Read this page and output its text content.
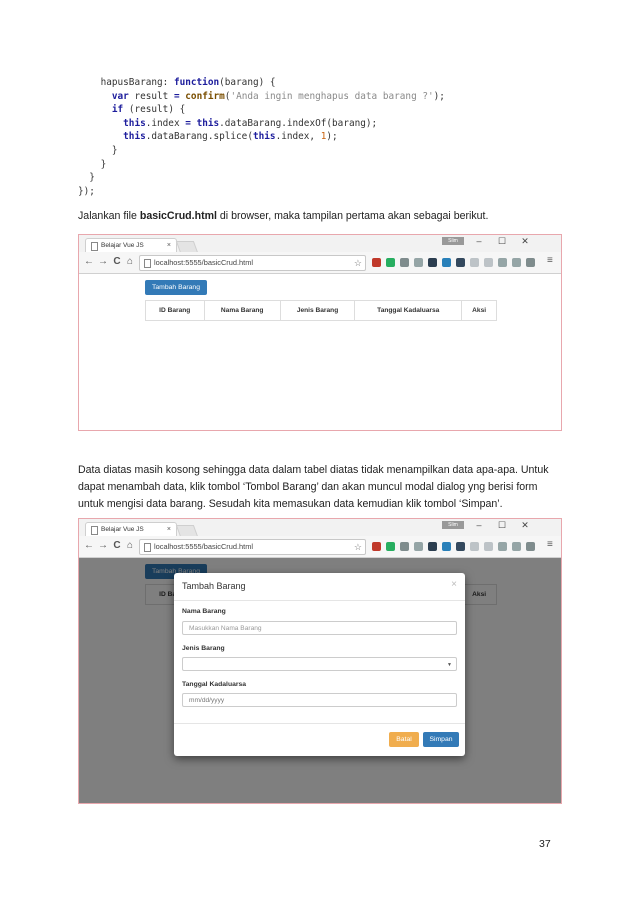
hapusBarang: function(barang) {
var result = confirm('Anda ingin menghapus data barang ?');
if (result) {
this.index = this.dataBarang.indexOf(barang);
this.dataBarang.splice(this.index, 1);
}
}
}
});
Jalankan file basicCrud.html di browser, maka tampilan pertama akan sebagai berikut.
Belajar Vue JS	×
Slim	–	☐	✕
← → C ⌂	localhost:5555/basicCrud.html	☆	≡
Tambah Barang
ID Barang	Nama Barang	Jenis Barang	Tanggal Kadaluarsa	Aksi
Data diatas masih kosong sehingga data dalam tabel diatas tidak menampilkan data apa-apa. Untuk
dapat menambah data, klik tombol ‘Tombol Barang’ dan akan muncul modal dialog yng berisi form
untuk mengisi data barang. Sesudah kita memasukan data kemudian klik tombol ‘Simpan’.
Belajar Vue JS	×
Slim	–	☐	✕
← → C ⌂	localhost:5555/basicCrud.html	☆	≡
Tambah Barang	×
Nama Barang
Masukkan Nama Barang
Jenis Barang
▼
Tanggal Kadaluarsa
mm/dd/yyyy
Batal	Simpan
37
